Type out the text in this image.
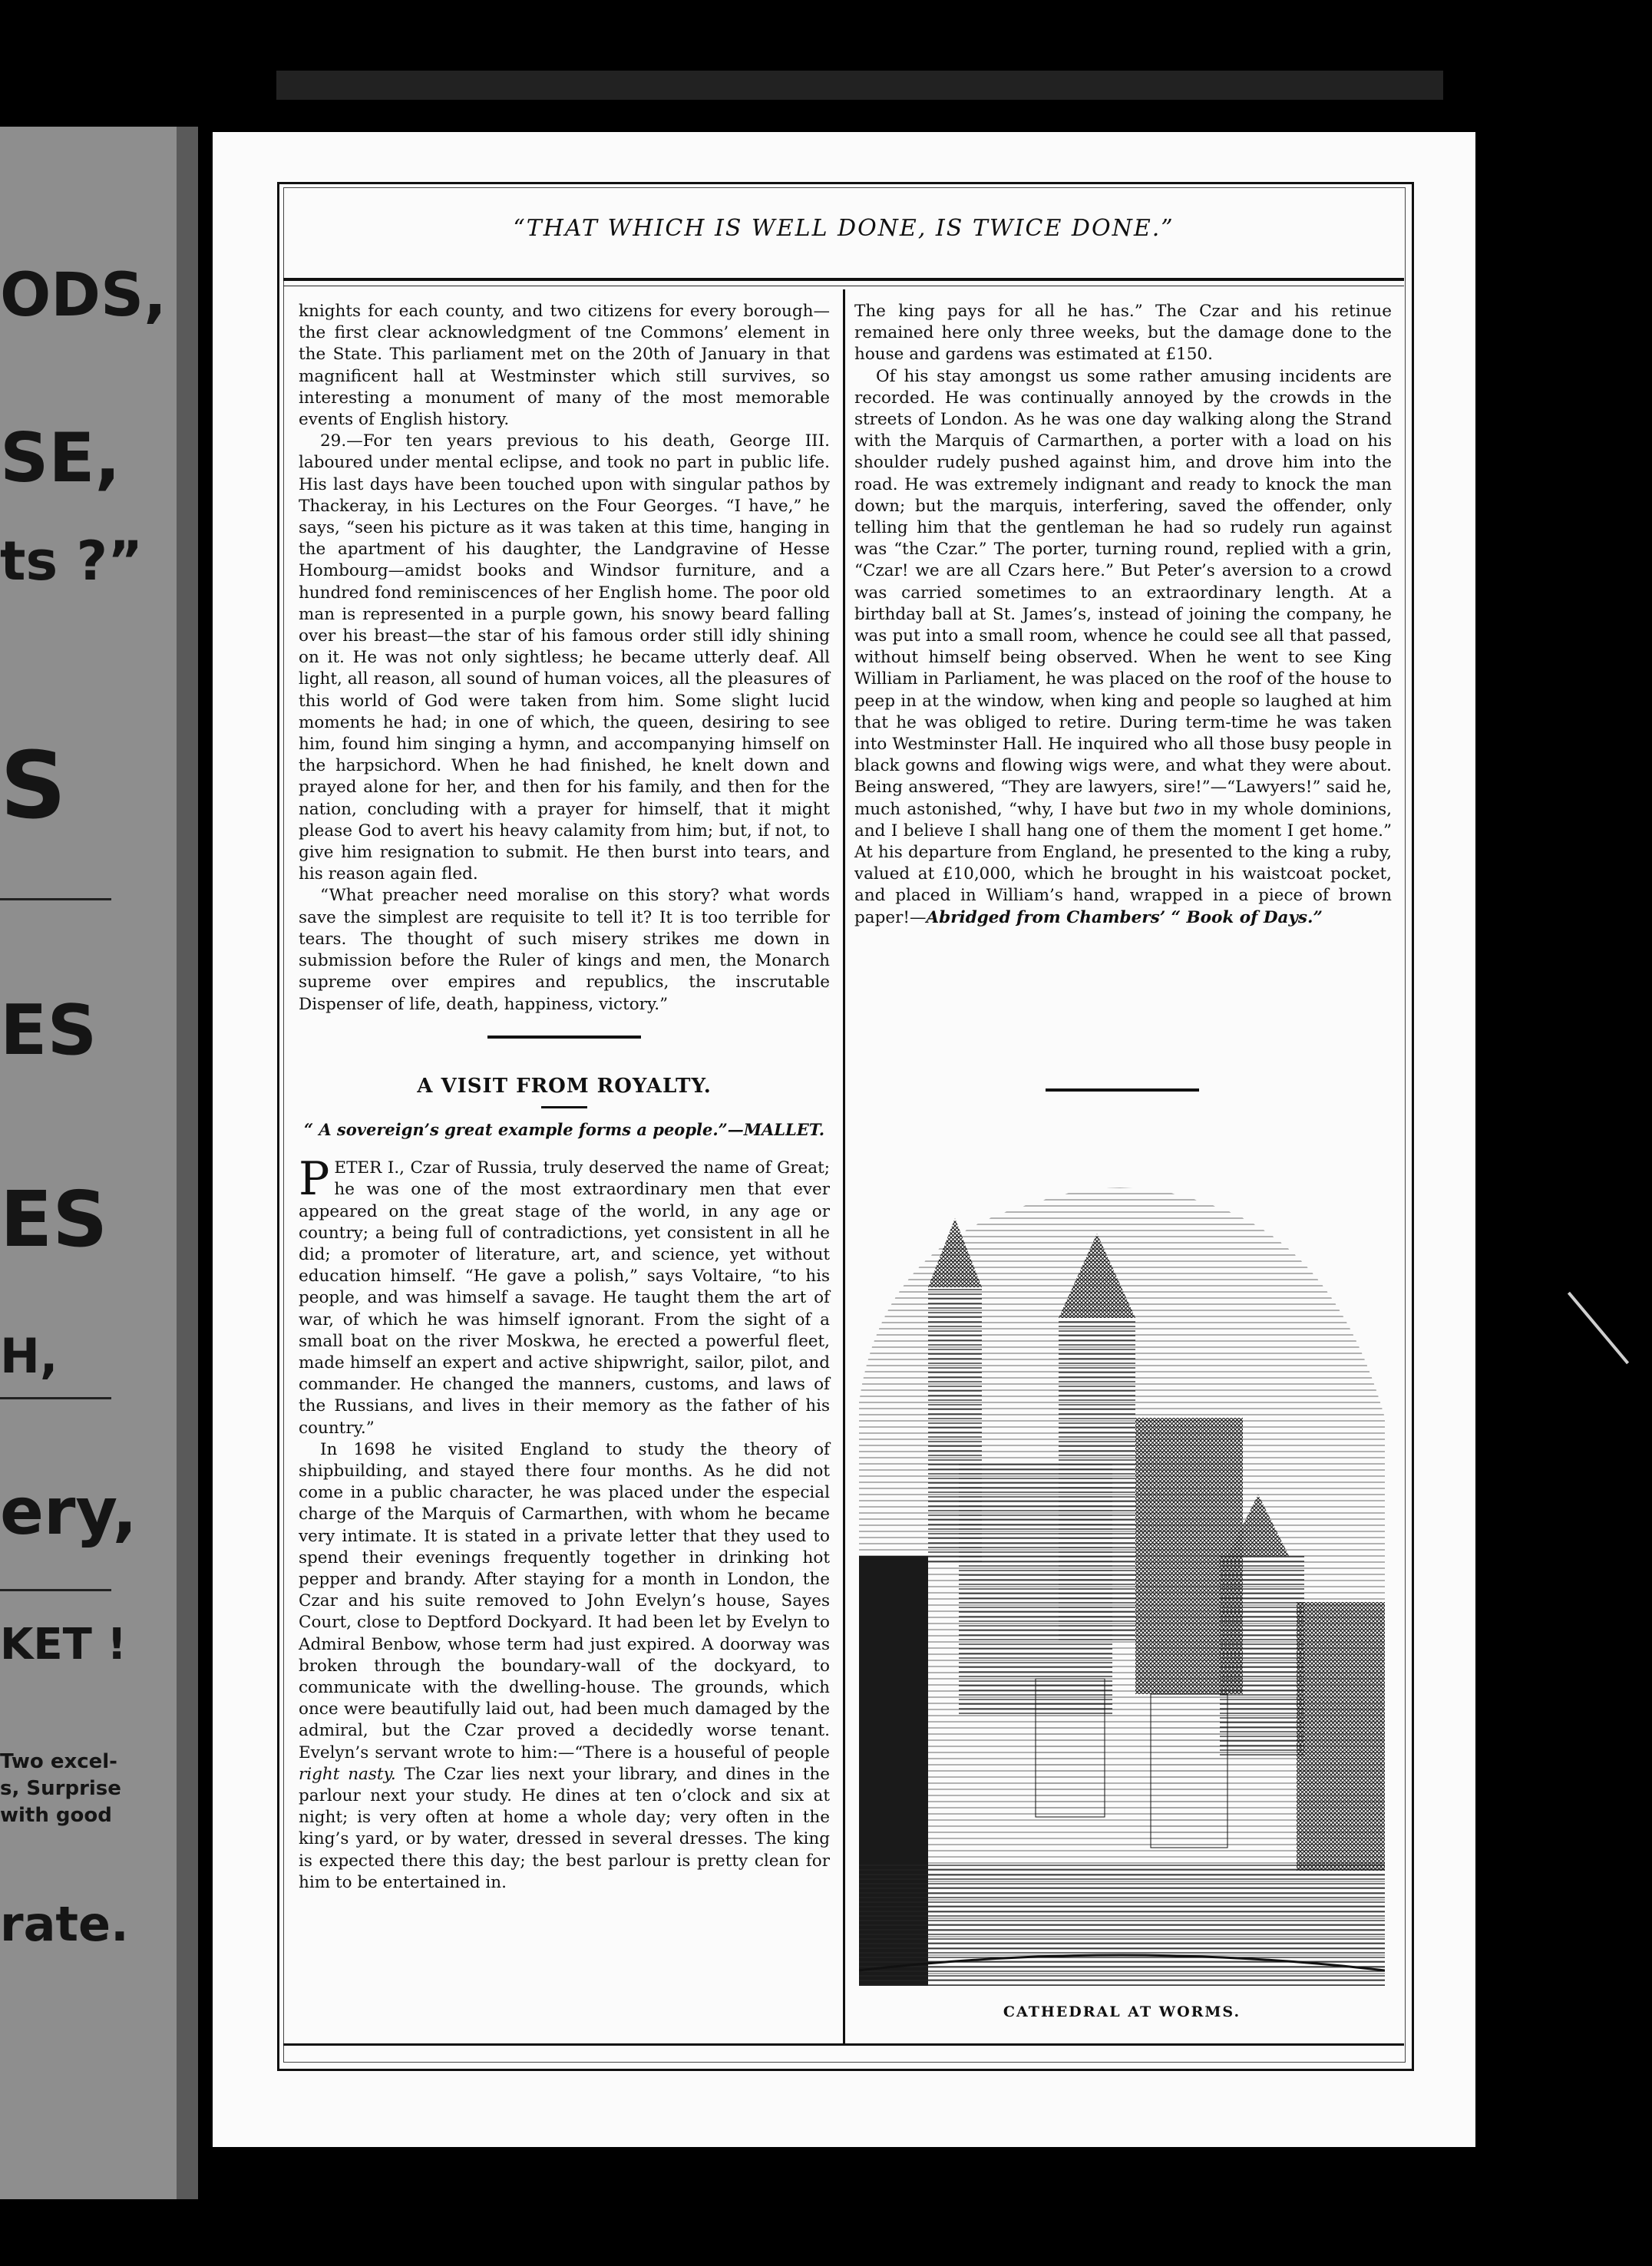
ODS,
SE,
ts ?”
S
ES
ES
H,
ery,
KET !
Two excel-
s, Surprise
with good
rate.
“THAT WHICH IS WELL DONE, IS TWICE DONE.”

knights for each county, and two citizens for every borough—the first clear acknowledgment of tne Commons’ element in the State. This parliament met on the 20th of January in that magnificent hall at Westminster which still survives, so interesting a monument of many of the most memorable events of English history.

29.—For ten years previous to his death, George III. laboured under mental eclipse, and took no part in public life. His last days have been touched upon with singular pathos by Thackeray, in his Lectures on the Four Georges. “I have,” he says, “seen his picture as it was taken at this time, hanging in the apartment of his daughter, the Landgravine of Hesse Hombourg—amidst books and Windsor furniture, and a hundred fond reminiscences of her English home. The poor old man is represented in a purple gown, his snowy beard falling over his breast—the star of his famous order still idly shining on it. He was not only sightless; he became utterly deaf. All light, all reason, all sound of human voices, all the pleasures of this world of God were taken from him. Some slight lucid moments he had; in one of which, the queen, desiring to see him, found him singing a hymn, and accompanying himself on the harpsichord. When he had finished, he knelt down and prayed alone for her, and then for his family, and then for the nation, concluding with a prayer for himself, that it might please God to avert his heavy calamity from him; but, if not, to give him resignation to submit. He then burst into tears, and his reason again fled.

“What preacher need moralise on this story? what words save the simplest are requisite to tell it? It is too terrible for tears. The thought of such misery strikes me down in submission before the Ruler of kings and men, the Monarch supreme over empires and republics, the inscrutable Dispenser of life, death, happiness, victory.”

A VISIT FROM ROYALTY.
“ A sovereign’s great example forms a people.”—MALLET.

PETER I., Czar of Russia, truly deserved the name of Great; he was one of the most extraordinary men that ever appeared on the great stage of the world, in any age or country; a being full of contradictions, yet consistent in all he did; a promoter of literature, art, and science, yet without education himself. “He gave a polish,” says Voltaire, “to his people, and was himself a savage. He taught them the art of war, of which he was himself ignorant. From the sight of a small boat on the river Moskwa, he erected a powerful fleet, made himself an expert and active shipwright, sailor, pilot, and commander. He changed the manners, customs, and laws of the Russians, and lives in their memory as the father of his country.”

In 1698 he visited England to study the theory of shipbuilding, and stayed there four months. As he did not come in a public character, he was placed under the especial charge of the Marquis of Carmarthen, with whom he became very intimate. It is stated in a private letter that they used to spend their evenings frequently together in drinking hot pepper and brandy. After staying for a month in London, the Czar and his suite removed to John Evelyn’s house, Sayes Court, close to Deptford Dockyard. It had been let by Evelyn to Admiral Benbow, whose term had just expired. A doorway was broken through the boundary-wall of the dockyard, to communicate with the dwelling-house. The grounds, which once were beautifully laid out, had been much damaged by the admiral, but the Czar proved a decidedly worse tenant. Evelyn’s servant wrote to him:—“There is a houseful of people right nasty. The Czar lies next your library, and dines in the parlour next your study. He dines at ten o’clock and six at night; is very often at home a whole day; very often in the king’s yard, or by water, dressed in several dresses. The king is expected there this day; the best parlour is pretty clean for him to be entertained in.

The king pays for all he has.” The Czar and his retinue remained here only three weeks, but the damage done to the house and gardens was estimated at £150.

Of his stay amongst us some rather amusing incidents are recorded. He was continually annoyed by the crowds in the streets of London. As he was one day walking along the Strand with the Marquis of Carmarthen, a porter with a load on his shoulder rudely pushed against him, and drove him into the road. He was extremely indignant and ready to knock the man down; but the marquis, interfering, saved the offender, only telling him that the gentleman he had so rudely run against was “the Czar.” The porter, turning round, replied with a grin, “Czar! we are all Czars here.” But Peter’s aversion to a crowd was carried sometimes to an extraordinary length. At a birthday ball at St. James’s, instead of joining the company, he was put into a small room, whence he could see all that passed, without himself being observed. When he went to see King William in Parliament, he was placed on the roof of the house to peep in at the window, when king and people so laughed at him that he was obliged to retire. During term-time he was taken into Westminster Hall. He inquired who all those busy people in black gowns and flowing wigs were, and what they were about. Being answered, “They are lawyers, sire!”—“Lawyers!” said he, much astonished, “why, I have but two in my whole dominions, and I believe I shall hang one of them the moment I get home.” At his departure from England, he presented to the king a ruby, valued at £10,000, which he brought in his waistcoat pocket, and placed in William’s hand, wrapped in a piece of brown paper!—Abridged from Chambers’ “ Book of Days.”

CATHEDRAL AT WORMS.
